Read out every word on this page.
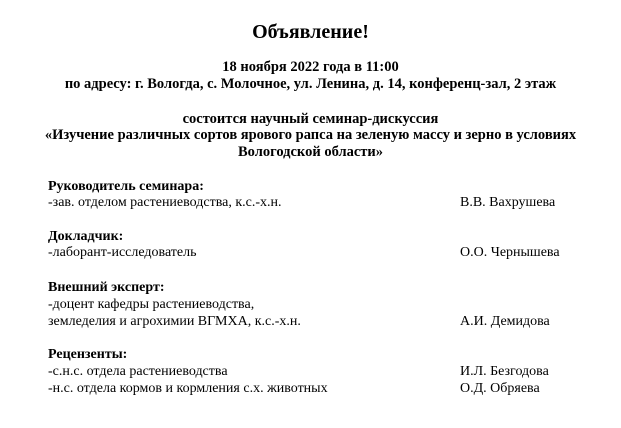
Объявление!
18 ноября 2022 года в 11:00
по адресу: г. Вологда, с. Молочное, ул. Ленина, д. 14, конференц-зал, 2 этаж
состоится научный семинар-дискуссия
«Изучение различных сортов ярового рапса на зеленую массу и зерно в условиях
Вологодской области»
Руководитель семинара:
-зав. отделом растениеводства, к.с.-х.н.	В.В. Вахрушева
Докладчик:
-лаборант-исследователь	О.О. Чернышева
Внешний эксперт:
-доцент кафедры растениеводства,
земледелия и агрохимии ВГМХА, к.с.-х.н.	А.И. Демидова
Рецензенты:
-с.н.с. отдела растениеводства	И.Л. Безгодова
-н.с. отдела кормов и кормления с.х. животных	О.Д. Обряева
